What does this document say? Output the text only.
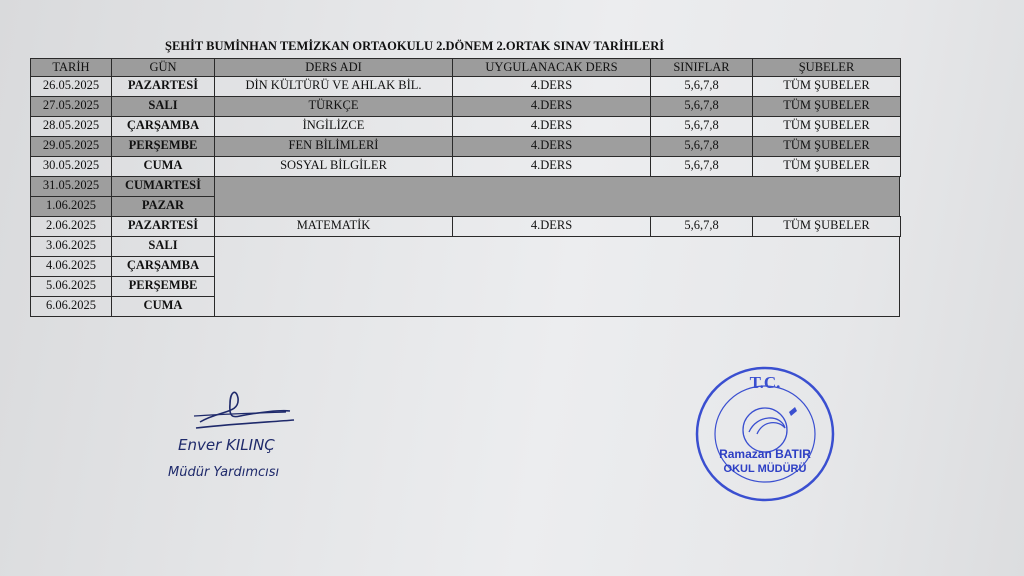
ŞEHİT BUMİNHAN TEMİZKAN ORTAOKULU 2.DÖNEM 2.ORTAK SINAV TARİHLERİ
TARİH	GÜN	DERS ADI	UYGULANACAK DERS	SINIFLAR	ŞUBELER
26.05.2025	PAZARTESİ	DİN KÜLTÜRÜ VE AHLAK BİL.	4.DERS	5,6,7,8	TÜM ŞUBELER
27.05.2025	SALI	TÜRKÇE	4.DERS	5,6,7,8	TÜM ŞUBELER
28.05.2025	ÇARŞAMBA	İNGİLİZCE	4.DERS	5,6,7,8	TÜM ŞUBELER
29.05.2025	PERŞEMBE	FEN BİLİMLERİ	4.DERS	5,6,7,8	TÜM ŞUBELER
30.05.2025	CUMA	SOSYAL BİLGİLER	4.DERS	5,6,7,8	TÜM ŞUBELER
31.05.2025	CUMARTESİ
1.06.2025	PAZAR
2.06.2025	PAZARTESİ	MATEMATİK	4.DERS	5,6,7,8	TÜM ŞUBELER
3.06.2025	SALI
4.06.2025	ÇARŞAMBA
5.06.2025	PERŞEMBE
6.06.2025	CUMA
Enver KILINÇ
Müdür Yardımcısı
T.C.
Ramazan BATIR
OKUL MÜDÜRÜ
